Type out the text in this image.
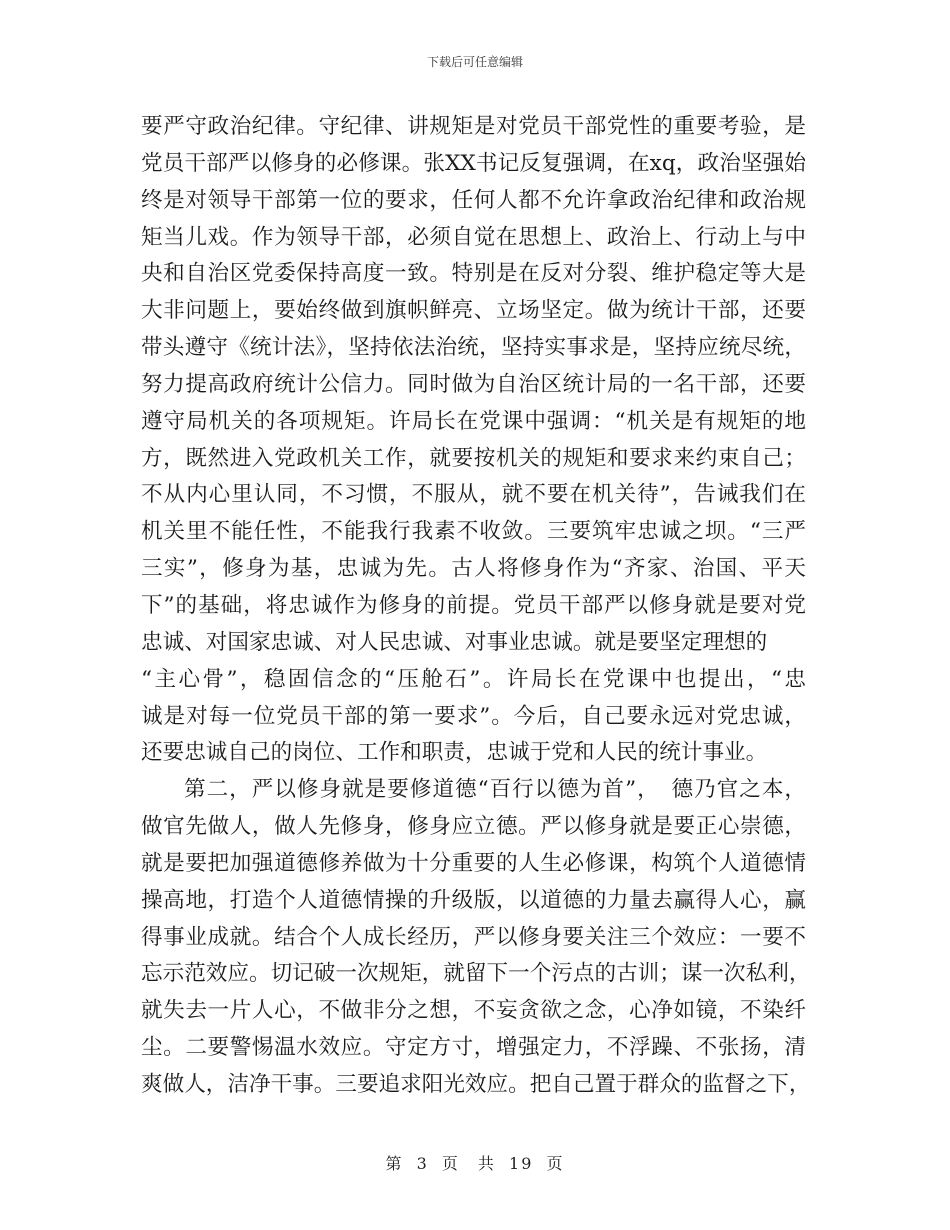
下载后可任意编辑
要严守政治纪律。守纪律、讲规矩是对党员干部党性的重要考验，是
党员干部严以修身的必修课。张XX书记反复强调，在xq，政治坚强始
终是对领导干部第一位的要求，任何人都不允许拿政治纪律和政治规
矩当儿戏。作为领导干部，必须自觉在思想上、政治上、行动上与中
央和自治区党委保持高度一致。特别是在反对分裂、维护稳定等大是
大非问题上，要始终做到旗帜鲜亮、立场坚定。做为统计干部，还要
带头遵守《统计法》，坚持依法治统，坚持实事求是，坚持应统尽统，
努力提高政府统计公信力。同时做为自治区统计局的一名干部，还要
遵守局机关的各项规矩。许局长在党课中强调：“机关是有规矩的地
方，既然进入党政机关工作，就要按机关的规矩和要求来约束自己；
不从内心里认同，不习惯，不服从，就不要在机关待”，告诫我们在
机关里不能任性，不能我行我素不收敛。三要筑牢忠诚之坝。“三严
三实”，修身为基，忠诚为先。古人将修身作为“齐家、治国、平天
下”的基础，将忠诚作为修身的前提。党员干部严以修身就是要对党
忠诚、对国家忠诚、对人民忠诚、对事业忠诚。就是要坚定理想的
“主心骨”，稳固信念的“压舱石”。许局长在党课中也提出，“忠
诚是对每一位党员干部的第一要求”。今后，自己要永远对党忠诚，
还要忠诚自己的岗位、工作和职责，忠诚于党和人民的统计事业。
第二，严以修身就是要修道德“百行以德为首”，　德乃官之本，
做官先做人，做人先修身，修身应立德。严以修身就是要正心崇德，
就是要把加强道德修养做为十分重要的人生必修课，构筑个人道德情
操高地，打造个人道德情操的升级版，以道德的力量去赢得人心，赢
得事业成就。结合个人成长经历，严以修身要关注三个效应：一要不
忘示范效应。切记破一次规矩，就留下一个污点的古训；谋一次私利，
就失去一片人心，不做非分之想，不妄贪欲之念，心净如镜，不染纤
尘。二要警惕温水效应。守定方寸，增强定力，不浮躁、不张扬，清
爽做人，洁净干事。三要追求阳光效应。把自己置于群众的监督之下，
第 3 页　共 19 页
